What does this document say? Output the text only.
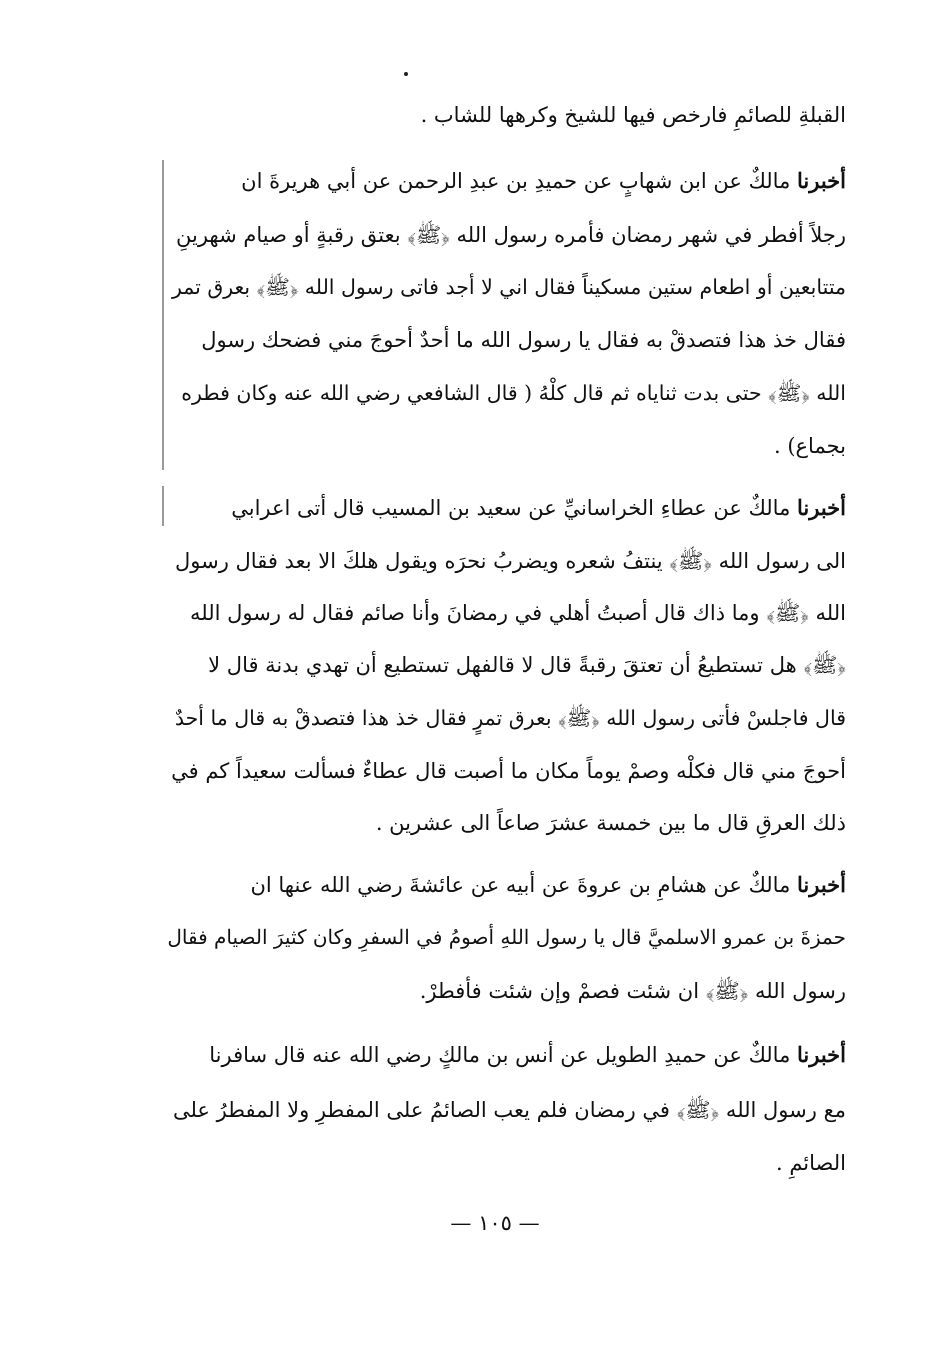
القبلةِ للصائمِ فارخص فيها للشيخ وكرهها للشاب .
أخبرنا مالكٌ عن ابن شهابٍ عن حميدِ بن عبدِ الرحمن عن أبي هريرةَ ان
رجلاً أفطر في شهر رمضان فأمره رسول الله ﴿ﷺ﴾ بعتق رقبةٍ أو صيام شهرينِ
متتابعين أو اطعام ستين مسكيناً فقال اني لا أجد فاتى رسول الله ﴿ﷺ﴾ بعرق تمر
فقال خذ هذا فتصدقْ به فقال يا رسول الله ما أحدٌ أحوجَ مني فضحك رسول
الله ﴿ﷺ﴾ حتى بدت ثناياه ثم قال كلْهُ ( قال الشافعي رضي الله عنه وكان فطره
بجماع) .
أخبرنا مالكٌ عن عطاءِ الخراسانيِّ عن سعيد بن المسيب قال أتى اعرابي
الى رسول الله ﴿ﷺ﴾ ينتفُ شعره ويضربُ نحرَه ويقول هلكَ الا بعد فقال رسول
الله ﴿ﷺ﴾ وما ذاك قال أصبتُ أهلي في رمضانَ وأنا صائم فقال له رسول الله
﴿ﷺ﴾ هل تستطيعُ أن تعتقَ رقبةً قال لا قالفهل تستطيع أن تهدي بدنة قال لا
قال فاجلسْ فأتى رسول الله ﴿ﷺ﴾ بعرق تمرٍ فقال خذ هذا فتصدقْ به قال ما أحدٌ
أحوجَ مني قال فكلْه وصمْ يوماً مكان ما أصبت قال عطاءٌ فسألت سعيداً كم في
ذلك العرقِ قال ما بين خمسة عشرَ صاعاً الى عشرين .
أخبرنا مالكٌ عن هشامِ بن عروةَ عن أبيه عن عائشةَ رضي الله عنها ان
حمزةَ بن عمرو الاسلميَّ قال يا رسول اللهِ أصومُ في السفرِ وكان كثيرَ الصيام فقال
رسول الله ﴿ﷺ﴾ ان شئت فصمْ وإن شئت فأفطرْ.
أخبرنا مالكٌ عن حميدِ الطويل عن أنس بن مالكٍ رضي الله عنه قال سافرنا
مع رسول الله ﴿ﷺ﴾ في رمضان فلم يعب الصائمُ على المفطرِ ولا المفطرُ على
الصائمِ .
— ١٠٥ —
